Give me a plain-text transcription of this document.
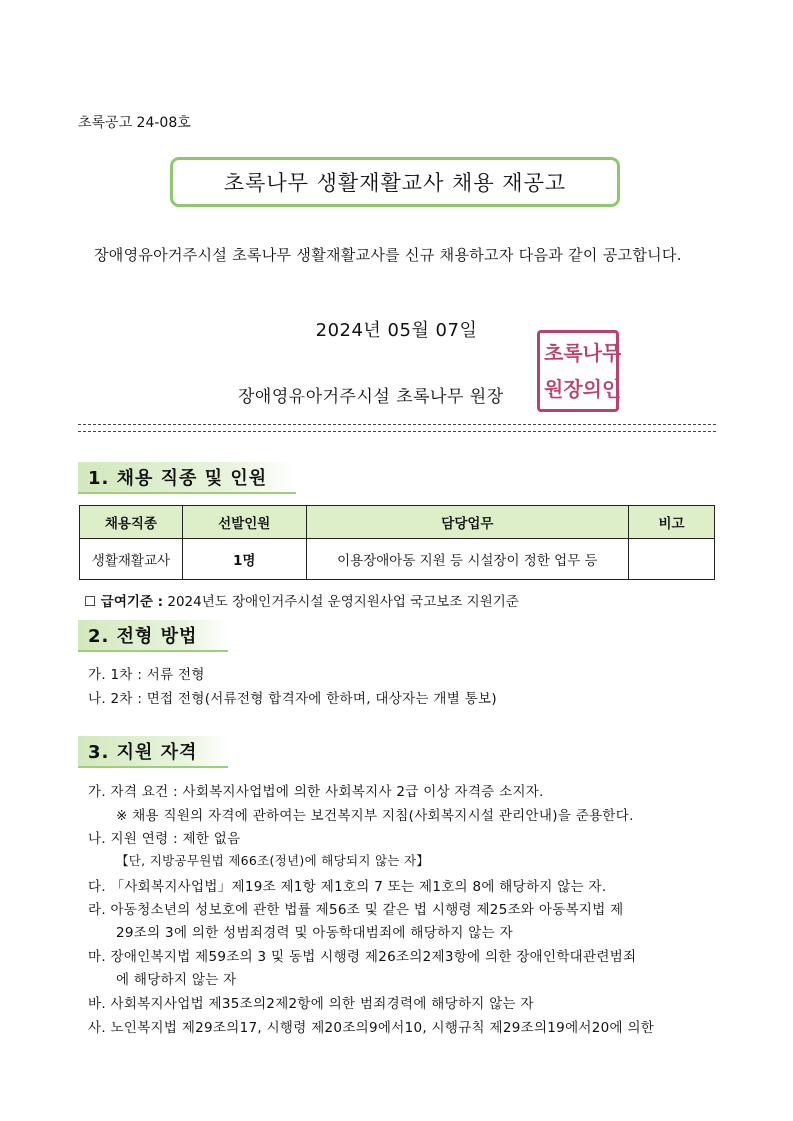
초록공고 24-08호
초록나무 생활재활교사 채용 재공고
장애영유아거주시설 초록나무 생활재활교사를 신규 채용하고자 다음과 같이 공고합니다.
2024년 05월 07일
초 록 나 무
원 장 의 인
장애영유아거주시설 초록나무 원장
1. 채용 직종 및 인원
채용직종	선발인원	담당업무	비고
생활재활교사	1명	이용장애아동 지원 등 시설장이 정한 업무 등	
☐ 급여기준 : 2024년도 장애인거주시설 운영지원사업 국고보조 지원기준
2. 전형 방법
가. 1차 : 서류 전형
나. 2차 : 면접 전형(서류전형 합격자에 한하며, 대상자는 개별 통보)
3. 지원 자격
가. 자격 요건 : 사회복지사업법에 의한 사회복지사 2급 이상 자격증 소지자.
※ 채용 직원의 자격에 관하여는 보건복지부 지침(사회복지시설 관리안내)을 준용한다.
나. 지원 연령 : 제한 없음
【단, 지방공무원법 제66조(정년)에 해당되지 않는 자】
다. 「사회복지사업법」제19조 제1항 제1호의 7 또는 제1호의 8에 해당하지 않는 자.
라. 아동청소년의 성보호에 관한 법률 제56조 및 같은 법 시행령 제25조와 아동복지법 제
29조의 3에 의한 성범죄경력 및 아동학대범죄에 해당하지 않는 자
마. 장애인복지법 제59조의 3 및 동법 시행령 제26조의2제3항에 의한 장애인학대관련범죄
에 해당하지 않는 자
바. 사회복지사업법 제35조의2제2항에 의한 범죄경력에 해당하지 않는 자
사. 노인복지법 제29조의17, 시행령 제20조의9에서10, 시행규칙 제29조의19에서20에 의한
